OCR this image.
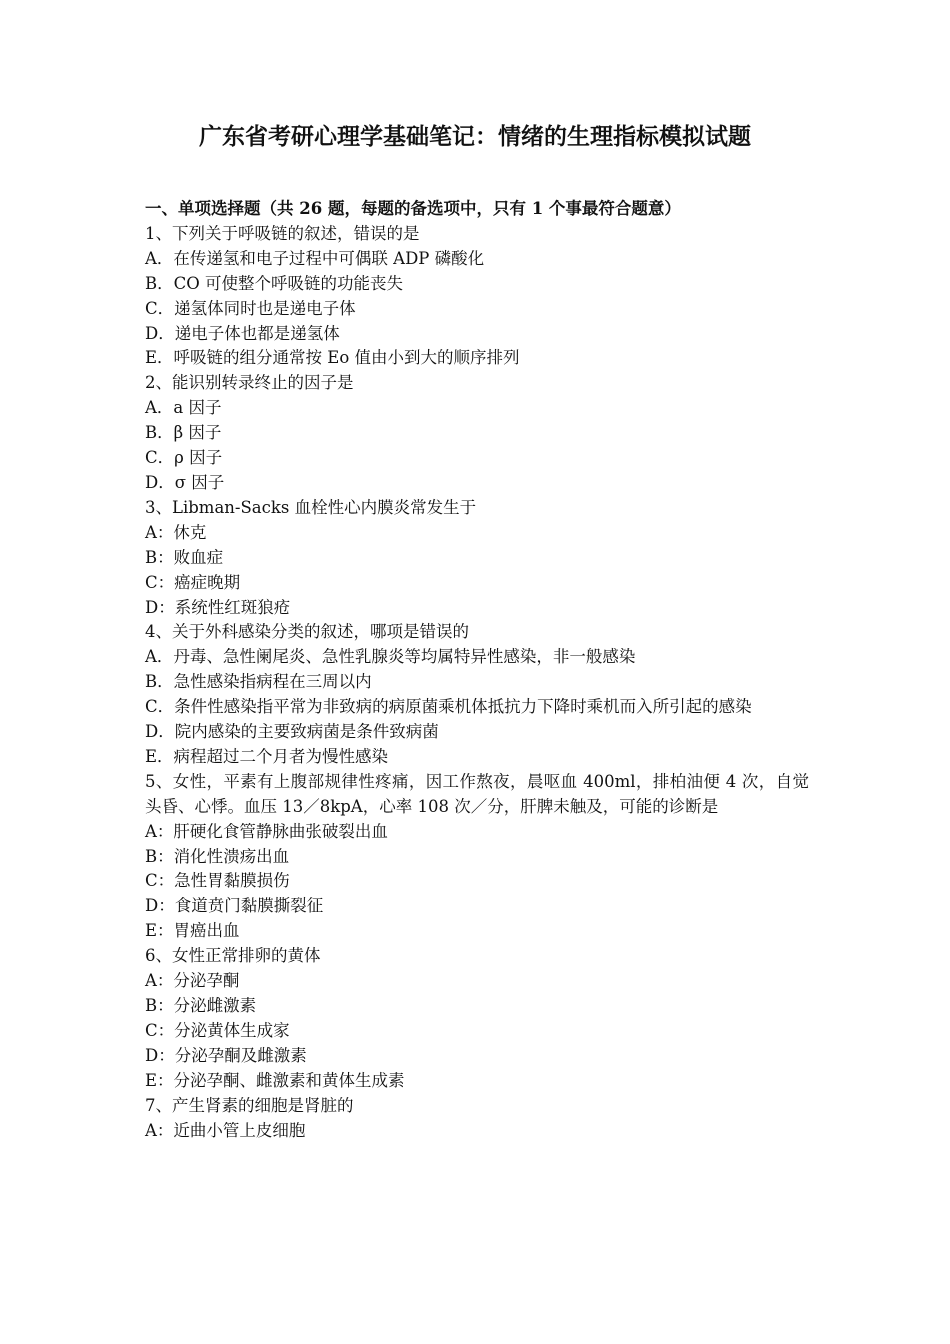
广东省考研心理学基础笔记：情绪的生理指标模拟试题
一、单项选择题（共 26 题，每题的备选项中，只有 1 个事最符合题意）

1、下列关于呼吸链的叙述，错误的是

A．在传递氢和电子过程中可偶联 ADP 磷酸化

B．CO 可使整个呼吸链的功能丧失

C．递氢体同时也是递电子体

D．递电子体也都是递氢体

E．呼吸链的组分通常按 Eo 值由小到大的顺序排列

2、能识别转录终止的因子是

A．a 因子

B．β 因子

C．ρ 因子

D．σ 因子

3、Libman-Sacks 血栓性心内膜炎常发生于

A：休克

B：败血症

C：癌症晚期

D：系统性红斑狼疮

4、关于外科感染分类的叙述，哪项是错误的

A．丹毒、急性阑尾炎、急性乳腺炎等均属特异性感染，非一般感染

B．急性感染指病程在三周以内

C．条件性感染指平常为非致病的病原菌乘机体抵抗力下降时乘机而入所引起的感染

D．院内感染的主要致病菌是条件致病菌

E．病程超过二个月者为慢性感染

5、女性，平素有上腹部规律性疼痛，因工作熬夜，晨呕血 400ml，排柏油便 4 次，自觉头昏、心悸。血压 13／8kpA，心率 108 次／分，肝脾未触及，可能的诊断是

A：肝硬化食管静脉曲张破裂出血

B：消化性溃疡出血

C：急性胃黏膜损伤

D：食道贲门黏膜撕裂征

E：胃癌出血

6、女性正常排卵的黄体

A：分泌孕酮

B：分泌雌激素

C：分泌黄体生成家

D：分泌孕酮及雌激素

E：分泌孕酮、雌激素和黄体生成素

7、产生肾素的细胞是肾脏的

A：近曲小管上皮细胞
